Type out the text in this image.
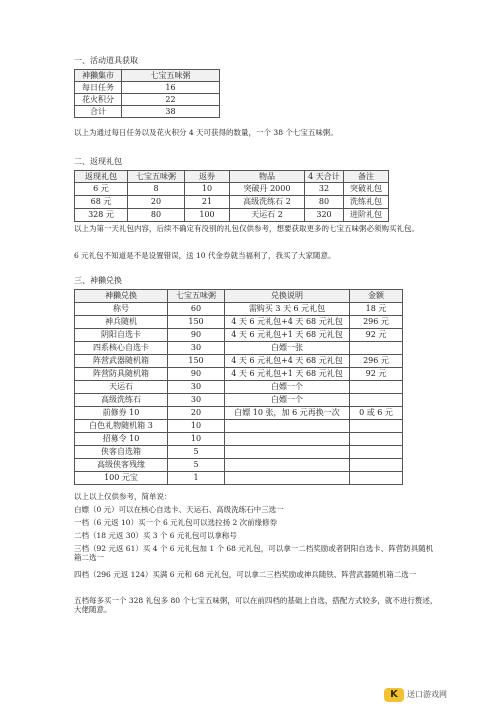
一、活动道具获取
神獭集市	七宝五味粥
每日任务	16
花火积分	22
合计	38
以上为通过每日任务以及花火积分 4 天可获得的数量，一个 38 个七宝五味粥。
二、返现礼包
返现礼包	七宝五味粥	返券	物品	4 天合计	备注
6 元	8	10	突破丹 2000	32	突破礼包
68 元	20	21	高级洗练石 2	80	洗练礼包
328 元	80	100	天运石 2	320	进阶礼包
以上为第一天礼包内容，后续不确定有没别的礼包仅供参考，想要获取更多的七宝五味粥必须购买礼包。
6 元礼包不知道是不是设置错误，送 10 代金券就当福利了，我买了大家随意。
三、神獭兑换
神獭兑换	七宝五味粥	兑换说明	金额
称号	60	需购买 3 天 6 元礼包	18 元
神兵随机	150	4 天 6 元礼包+4 天 68 元礼包	296 元
阴阳自选卡	90	4 天 6 元礼包+1 天 68 元礼包	92 元
四系核心自选卡	30	白嫖一张	
阵营武器随机箱	150	4 天 6 元礼包+4 天 68 元礼包	296 元
阵营防具随机箱	90	4 天 6 元礼包+1 天 68 元礼包	92 元
天运石	30	白嫖一个	
高级洗练石	30	白嫖一个	
前修券 10	20	白嫖 10 张，加 6 元再换一次	0 或 6 元
白色礼物随机箱 3	10		
招募令 10	10		
侠客自选箱	5		
高级侠客残缘	5		
100 元宝	1		
以上以上仅供参考，简单说：
白嫖（0 元）可以在核心自选卡、天运石、高级洗练石中三选一
一档（6 元返 10）买一个 6 元礼包可以选拉扬 2 次前缘修券
二档（18 元返 30）买 3 个 6 元礼包可以拿称号
三档（92 元返 61）买 4 个 6 元礼包加 1 个 68 元礼包，可以拿一二档奖励或者阴阳自选卡、阵营防具随机箱二选一
四档（296 元返 124）买满 6 元和 68 元礼包，可以拿二三档奖励或神兵随铁、阵营武器随机箱二选一
五档每多买一个 328 礼包多 80 个七宝五味粥，可以在前四档的基础上自选，搭配方式较多，就不进行赘述，大佬随意。
K	送口游戏网
